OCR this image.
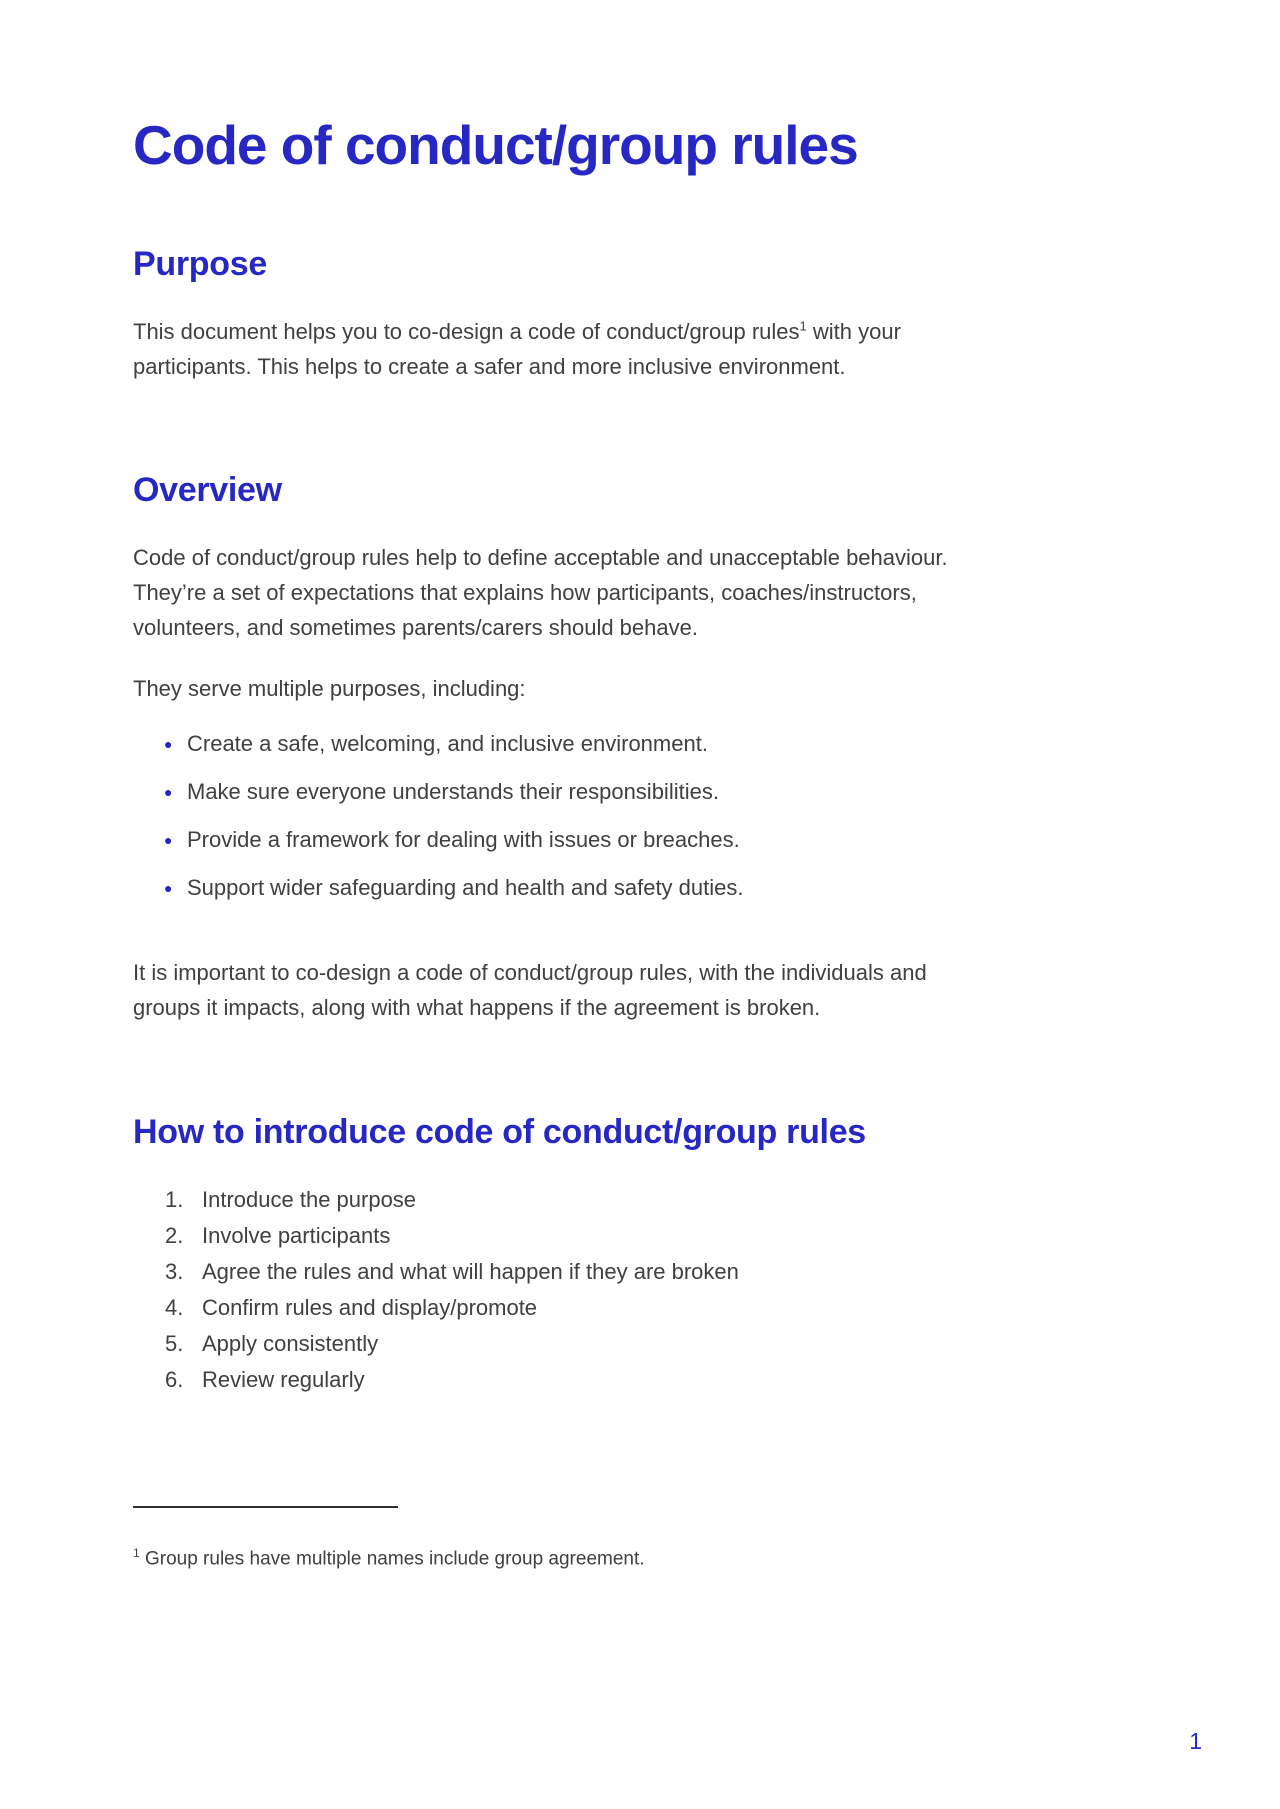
Code of conduct/group rules
Purpose

This document helps you to co-design a code of conduct/group rules$^1$ with your participants. This helps to create a safer and more inclusive environment.

Overview

Code of conduct/group rules help to define acceptable and unacceptable behaviour. They’re a set of expectations that explains how participants, coaches/instructors, volunteers, and sometimes parents/carers should behave.

They serve multiple purposes, including:

● Create a safe, welcoming, and inclusive environment.
● Make sure everyone understands their responsibilities.
● Provide a framework for dealing with issues or breaches.
● Support wider safeguarding and health and safety duties.

It is important to co-design a code of conduct/group rules, with the individuals and groups it impacts, along with what happens if the agreement is broken.

How to introduce code of conduct/group rules
Introduce the purpose
Involve participants
Agree the rules and what will happen if they are broken
Confirm rules and display/promote
Apply consistently
Review regularly

$^1$ Group rules have multiple names include group agreement.

1
